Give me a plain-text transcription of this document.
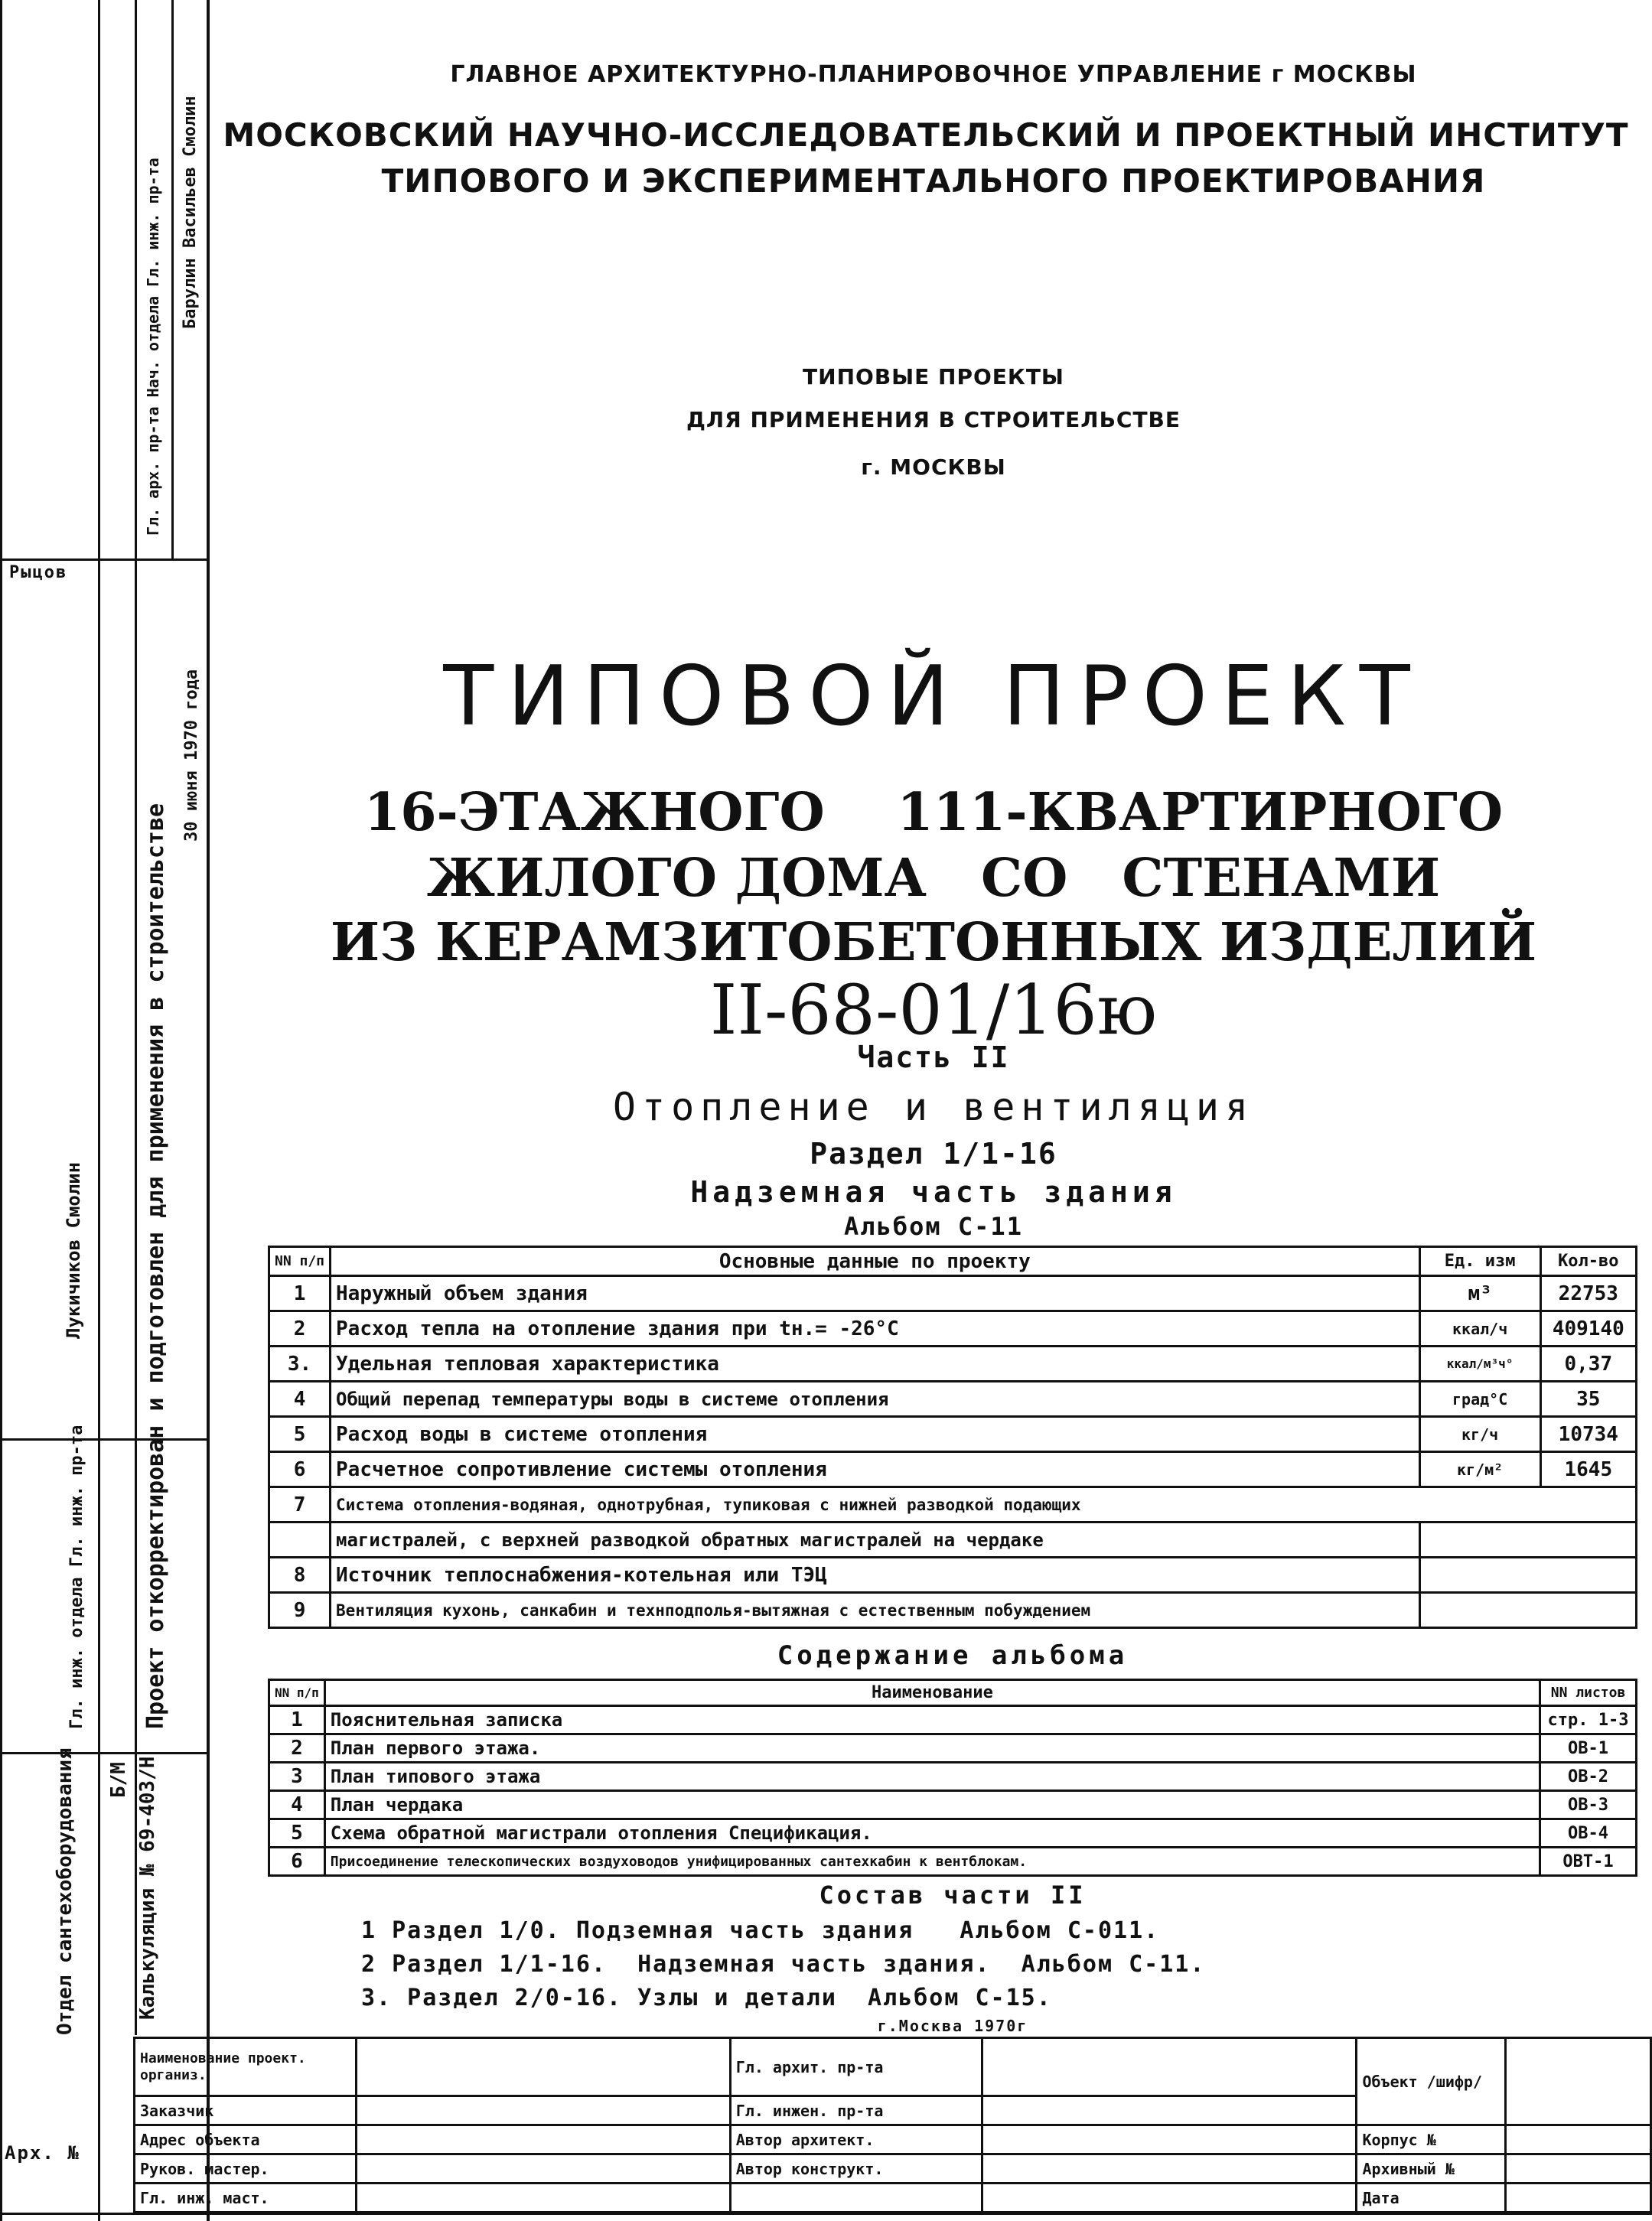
Барулин Васильев Смолин
Гл. арх. пр-та Нач. отдела Гл. инж. пр-та
Проект откорректирован и подготовлен для применения в строительстве
30 июня 1970 года
Лукичиков Смолин
Гл. инж. отдела Гл. инж. пр-та
Отдел сантехоборудования Б/М Калькуляция № 69-403/Н
Рыцов
ГЛАВНОЕ АРХИТЕКТУРНО-ПЛАНИРОВОЧНОЕ УПРАВЛЕНИЕ г МОСКВЫ
МОСКОВСКИЙ НАУЧНО-ИССЛЕДОВАТЕЛЬСКИЙ И ПРОЕКТНЫЙ ИНСТИТУТ
ТИПОВОГО И ЭКСПЕРИМЕНТАЛЬНОГО ПРОЕКТИРОВАНИЯ
ТИПОВЫЕ ПРОЕКТЫ
ДЛЯ ПРИМЕНЕНИЯ В СТРОИТЕЛЬСТВЕ
г. МОСКВЫ
ТИПОВОЙ ПРОЕКТ
16-ЭТАЖНОГО    111-КВАРТИРНОГО
ЖИЛОГО ДОМА   СО   СТЕНАМИ
ИЗ КЕРАМЗИТОБЕТОННЫХ ИЗДЕЛИЙ
II-68-01/16ю
Часть II
Отопление и вентиляция
Раздел 1/1-16
Надземная часть здания
Альбом С-11
NN п/п	Основные данные по проекту	Ед. изм	Кол-во
1	Наружный объем здания	м³	22753
2	Расход тепла на отопление здания при tн.= -26°С	ккал/ч	409140
3.	Удельная тепловая характеристика	ккал/м³ч°	0,37
4	Общий перепад температуры воды в системе отопления	град°С	35
5	Расход воды в системе отопления	кг/ч	10734
6	Расчетное сопротивление системы отопления	кг/м²	1645
7	Система отопления-водяная, однотрубная, тупиковая с нижней разводкой подающих		
	магистралей, с верхней разводкой обратных магистралей на чердаке		
8	Источник теплоснабжения-котельная или ТЭЦ		
9	Вентиляция кухонь, санкабин и технподполья-вытяжная с естественным побуждением		
Содержание альбома
NN п/п	Наименование	NN листов
1	Пояснительная записка	стр. 1-3
2	План первого этажа.	ОВ-1
3	План типового этажа	ОВ-2
4	План чердака	ОВ-3
5	Схема обратной магистрали отопления Спецификация.	ОВ-4
6	Присоединение телескопических воздуховодов унифицированных сантехкабин к вентблокам.	ОВТ-1
Состав части II
1 Раздел 1/0. Подземная часть здания   Альбом С-011.
2 Раздел 1/1-16.  Надземная часть здания.  Альбом С-11.
3. Раздел 2/0-16. Узлы и детали  Альбом С-15.
г.Москва 1970г
Арх. №
Наименование проект. организ.		Гл. архит. пр-та		Объект /шифр/	
Заказчик		Гл. инжен. пр-та			
Адрес объекта		Автор архитект.		Корпус №	
Руков. мастер.		Автор конструкт.		Архивный №	
Гл. инж. маст.				Дата	
